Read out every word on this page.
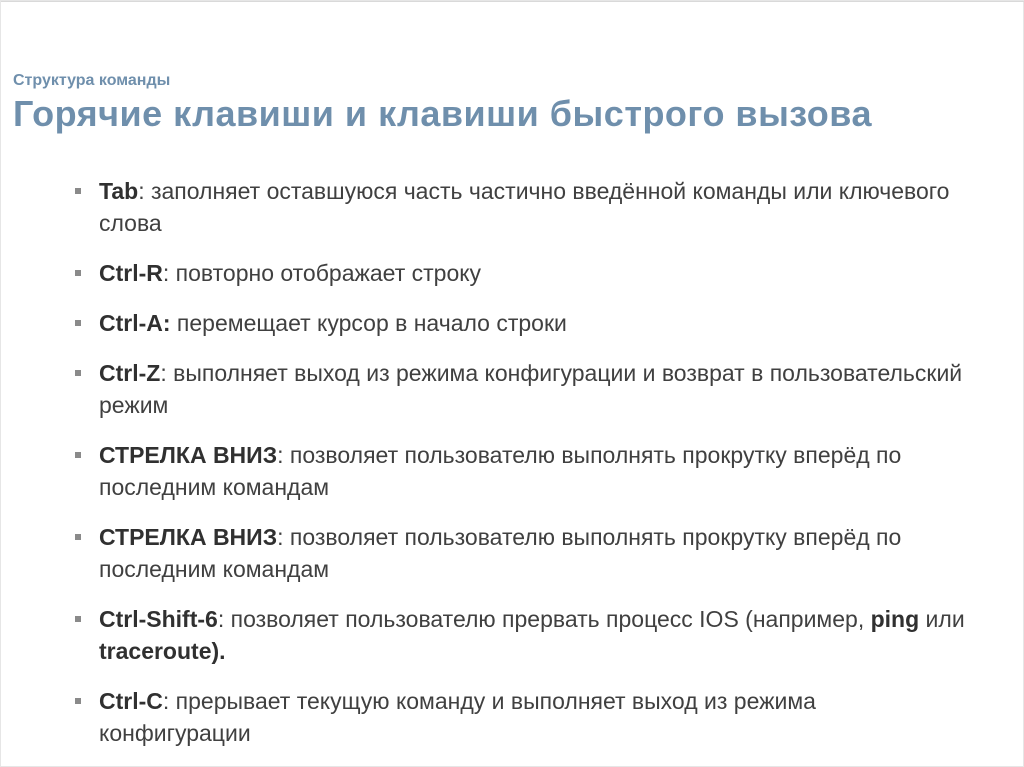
Структура команды

Горячие клавиши и клавиши быстрого вызова
Tab: заполняет оставшуюся часть частично введённой команды или ключевого слова
Ctrl-R: повторно отображает строку
Ctrl-A: перемещает курсор в начало строки
Ctrl-Z: выполняет выход из режима конфигурации и возврат в пользовательский режим
СТРЕЛКА ВНИЗ: позволяет пользователю выполнять прокрутку вперёд по последним командам
СТРЕЛКА ВНИЗ: позволяет пользователю выполнять прокрутку вперёд по последним командам
Ctrl-Shift-6: позволяет пользователю прервать процесс IOS (например, ping или traceroute).
Ctrl-C: прерывает текущую команду и выполняет выход из режима конфигурации
